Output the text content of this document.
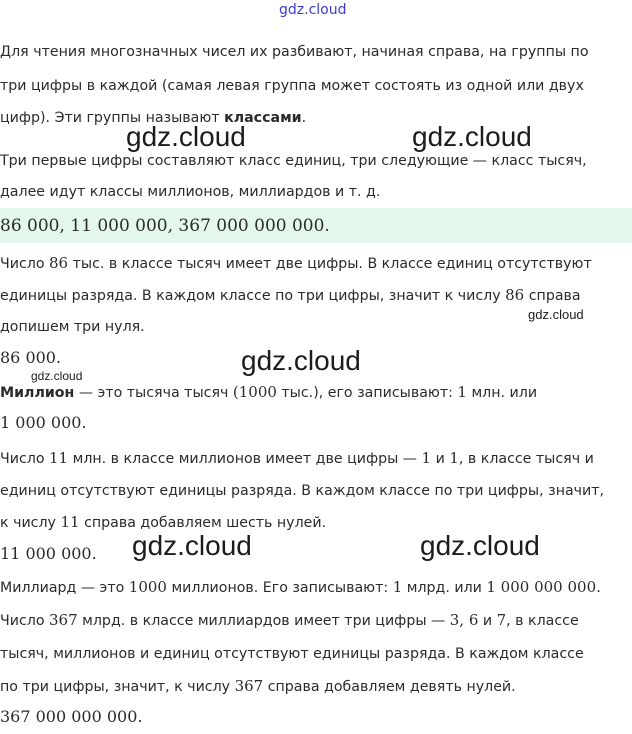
gdz.cloud
Для чтения многозначных чисел их разбивают, начиная справа, на группы по
три цифры в каждой (самая левая группа может состоять из одной или двух
цифр). Эти группы называют классами.
Три первые цифры составляют класс единиц, три следующие — класс тысяч,
далее идут классы миллионов, миллиардов и т. д.
86 000, 11 000 000, 367 000 000 000.
Число 86 тыс. в классе тысяч имеет две цифры. В классе единиц отсутствуют
единицы разряда. В каждом классе по три цифры, значит к числу 86 справа
допишем три нуля.
86 000.
Миллион — это тысяча тысяч (1000 тыс.), его записывают: 1 млн. или
1 000 000.
Число 11 млн. в классе миллионов имеет две цифры — 1 и 1, в классе тысяч и
единиц отсутствуют единицы разряда. В каждом классе по три цифры, значит,
к числу 11 справа добавляем шесть нулей.
11 000 000.
Миллиард — это 1000 миллионов. Его записывают: 1 млрд. или 1 000 000 000.
Число 367 млрд. в классе миллиардов имеет три цифры — 3, 6 и 7, в классе
тысяч, миллионов и единиц отсутствуют единицы разряда. В каждом классе
по три цифры, значит, к числу 367 справа добавляем девять нулей.
367 000 000 000.
gdz.cloud	gdz.cloud
gdz.cloud
gdz.cloud
gdz.cloud
gdz.cloud	gdz.cloud
